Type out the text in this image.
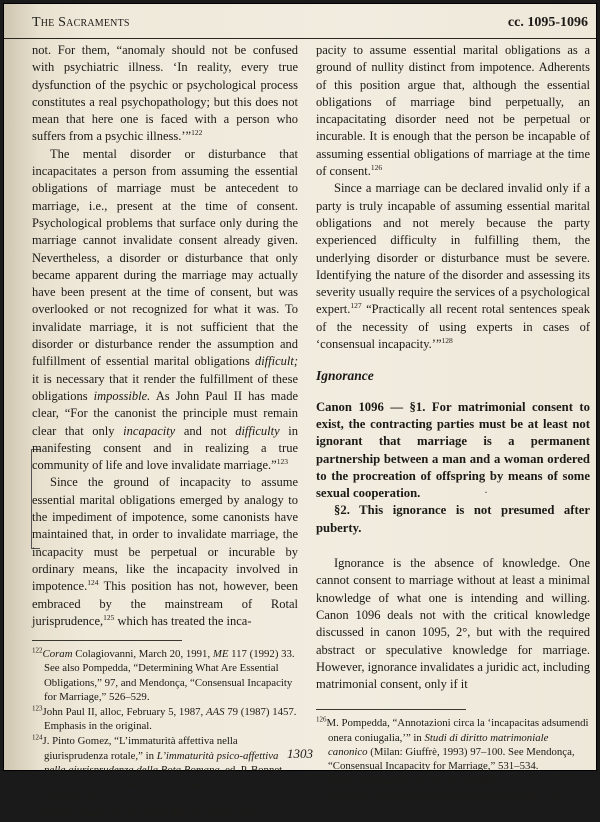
The Sacraments	cc. 1095-1096

not. For them, “anomaly should not be confused with psychiatric illness. ‘In reality, every true dysfunction of the psychic or psychological process constitutes a real psychopathology; but this does not mean that here one is faced with a person who suffers from a psychic illness.’”$^{122}$

The mental disorder or disturbance that incapacitates a person from assuming the essential obligations of marriage must be antecedent to marriage, i.e., present at the time of consent. Psychological problems that surface only during the marriage cannot invalidate consent already given. Nevertheless, a disorder or disturbance that only became apparent during the marriage may actually have been present at the time of consent, but was overlooked or not recognized for what it was. To invalidate marriage, it is not sufficient that the disorder or disturbance render the assumption and fulfillment of essential marital obligations difficult; it is necessary that it render the fulfillment of these obligations impossible. As John Paul II has made clear, “For the canonist the principle must remain clear that only incapacity and not difficulty in manifesting consent and in realizing a true community of life and love invalidate marriage.”$^{123}$

Since the ground of incapacity to assume essential marital obligations emerged by analogy to the impediment of impotence, some canonists have maintained that, in order to invalidate marriage, the incapacity must be perpetual or incurable by ordinary means, like the incapacity involved in impotence.$^{124}$ This position has not, however, been embraced by the mainstream of Rotal jurisprudence,$^{125}$ which has treated the inca-

$^{122}$Coram Colagiovanni, March 20, 1991, ME 117 (1992) 33. See also Pompedda, “Determining What Are Essential Obligations,” 97, and Mendonça, “Consensual Incapacity for Marriage,” 526–529.
$^{123}$John Paul II, alloc, February 5, 1987, AAS 79 (1987) 1457. Emphasis in the original.
$^{124}$J. Pinto Gomez, “L’immaturità affettiva nella giurisprudenza rotale,” in L’immaturità psico-affettiva nella giurisprudenza della Rota Romana, ed. P. Bonnet and C. Gullo (Vatican City: Libreria Editrice Vaticana, 1990) 50–51.
$^{125}$Coram Bruno, July 19, 1991, ME 117 (1992) 171.

pacity to assume essential marital obligations as a ground of nullity distinct from impotence. Adherents of this position argue that, although the essential obligations of marriage bind perpetually, an incapacitating disorder need not be perpetual or incurable. It is enough that the person be incapable of assuming essential obligations of marriage at the time of consent.$^{126}$

Since a marriage can be declared invalid only if a party is truly incapable of assuming essential marital obligations and not merely because the party experienced difficulty in fulfilling them, the underlying disorder or disturbance must be severe. Identifying the nature of the disorder and assessing its severity usually require the services of a psychological expert.$^{127}$ “Practically all recent rotal sentences speak of the necessity of using experts in cases of ‘consensual incapacity.’”$^{128}$

Ignorance

Canon 1096 — §1. For matrimonial consent to exist, the contracting parties must be at least not ignorant that marriage is a permanent partnership between a man and a woman ordered to the procreation of offspring by means of some sexual cooperation.

§2. This ignorance is not presumed after puberty.

Ignorance is the absence of knowledge. One cannot consent to marriage without at least a minimal knowledge of what one is intending and willing. Canon 1096 deals not with the critical knowledge discussed in canon 1095, 2°, but with the required abstract or speculative knowledge for marriage. However, ignorance invalidates a juridic act, including matrimonial consent, only if it

$^{126}$M. Pompedda, “Annotazioni circa la ‘incapacitas adsumendi onera coniugalia,’” in Studi di diritto matrimoniale canonico (Milan: Giuffrè, 1993) 97–100. See Mendonça, “Consensual Incapacity for Marriage,” 531–534.
$^{127}$See the commentary on cc. 1574–1581.
$^{128}$Mendonça, “Consensual Incapacity for Marriage,” 541.
·
1303
